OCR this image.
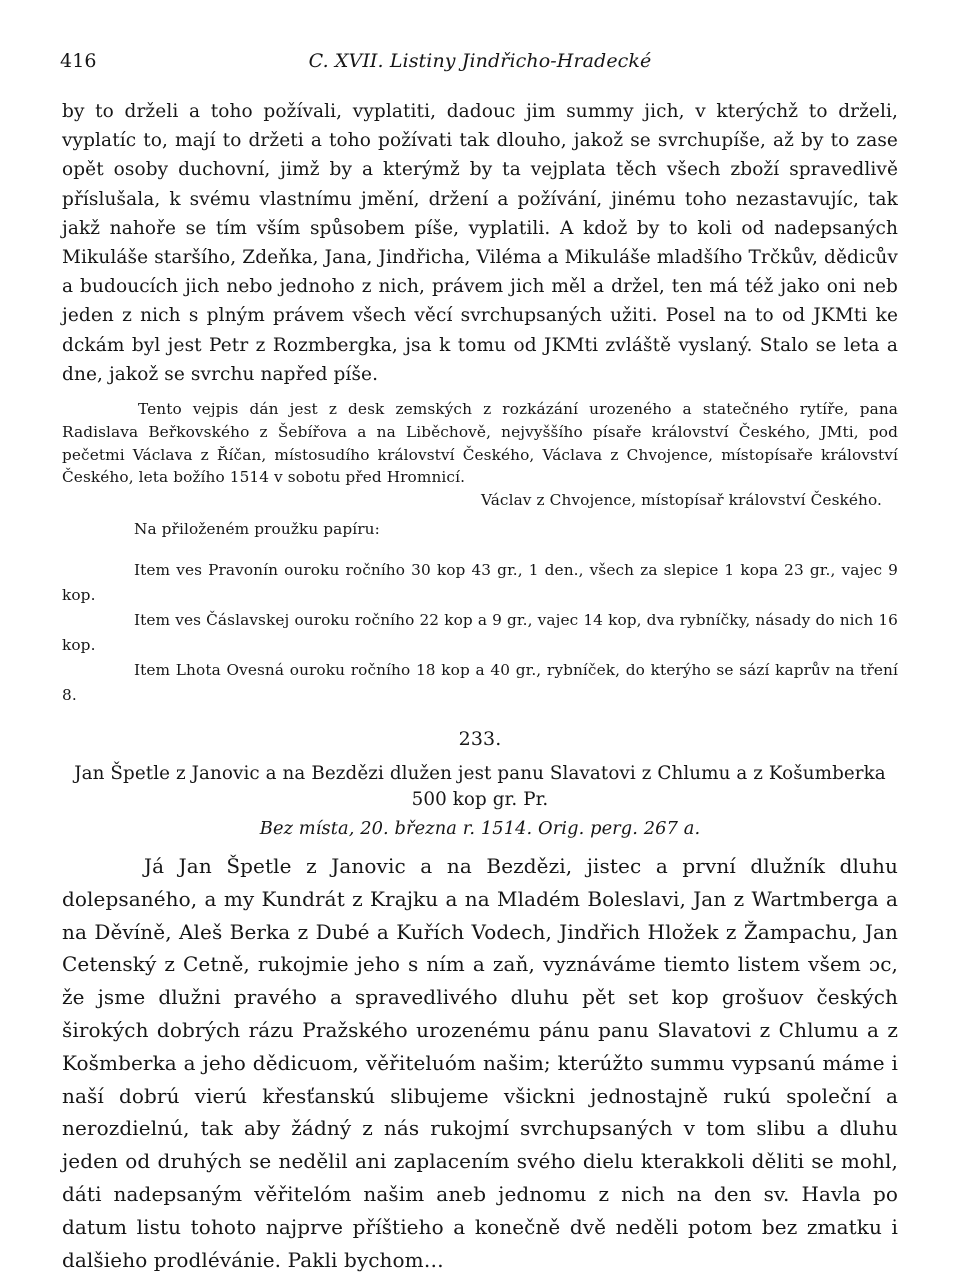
416	C. XVII. Listiny Jindřicho-Hradecké

by to drželi a toho požívali, vyplatiti, dadouc jim summy jich, v kterýchž to drželi, vyplatíc to, mají to držeti a toho požívati tak dlouho, jakož se svrchupíše, až by to zase opět osoby duchovní, jimž by a kterýmž by ta vejplata těch všech zboží spravedlivě příslušala, k svému vlastnímu jmění, držení a požívání, jinému toho nezastavujíc, tak jakž nahoře se tím vším spůsobem píše, vyplatili. A kdož by to koli od nadepsaných Mikuláše staršího, Zdeňka, Jana, Jindřicha, Viléma a Mikuláše mladšího Trčkův, dědicův a budoucích jich nebo jednoho z nich, právem jich měl a držel, ten má též jako oni neb jeden z nich s plným právem všech věcí svrchupsaných užiti. Posel na to od JKMti ke dckám byl jest Petr z Rozmbergka, jsa k tomu od JKMti zvláště vyslaný. Stalo se leta a dne, jakož se svrchu napřed píše.

Tento vejpis dán jest z desk zemských z rozkázání urozeného a statečného rytíře, pana Radislava Beřkovského z Šebířova a na Liběchově, nejvyššího písaře království Českého, JMti, pod pečetmi Václava z Říčan, místosudího království Českého, Václava z Chvojence, místopísaře království Českého, leta božího 1514 v sobotu před Hromnicí.

Václav z Chvojence, místopísař království Českého.

Na přiloženém proužku papíru:

Item ves Pravonín ouroku ročního 30 kop 43 gr., 1 den., všech za slepice 1 kopa 23 gr., vajec 9 kop.

Item ves Čáslavskej ouroku ročního 22 kop a 9 gr., vajec 14 kop, dva rybníčky, násady do nich 16 kop.

Item Lhota Ovesná ouroku ročního 18 kop a 40 gr., rybníček, do kterýho se sází kaprův na tření 8.

233.
Jan Špetle z Janovic a na Bezdězi dlužen jest panu Slavatovi z Chlumu a z Košumberka
500 kop gr. Pr.
Bez místa, 20. března r. 1514. Orig. perg. 267 a.

Já Jan Špetle z Janovic a na Bezdězi, jistec a první dlužník dluhu dolepsaného, a my Kundrát z Krajku a na Mladém Boleslavi, Jan z Wartmberga a na Děvíně, Aleš Berka z Dubé a Kuřích Vodech, Jindřich Hložek z Žampachu, Jan Cetenský z Cetně, rukojmie jeho s ním a zaň, vyznáváme tiemto listem všem ɔc, že jsme dlužni pravého a spravedlivého dluhu pět set kop grošuov českých širokých dobrých rázu Pražského urozenému pánu panu Slavatovi z Chlumu a z Košmberka a jeho dědicuom, věřiteluóm našim; kterúžto summu vypsanú máme i naší dobrú vierú křesťanskú slibujeme všickni jednostajně rukú společní a nerozdielnú, tak aby žádný z nás rukojmí svrchupsaných v tom slibu a dluhu jeden od druhých se nedělil ani zaplacením svého dielu kterakkoli děliti se mohl, dáti nadepsaným věřitelóm našim aneb jednomu z nich na den sv. Havla po datum listu tohoto najprve příštieho a konečně dvě neděli potom bez zmatku i dalšieho prodlévánie. Pakli bychom…
